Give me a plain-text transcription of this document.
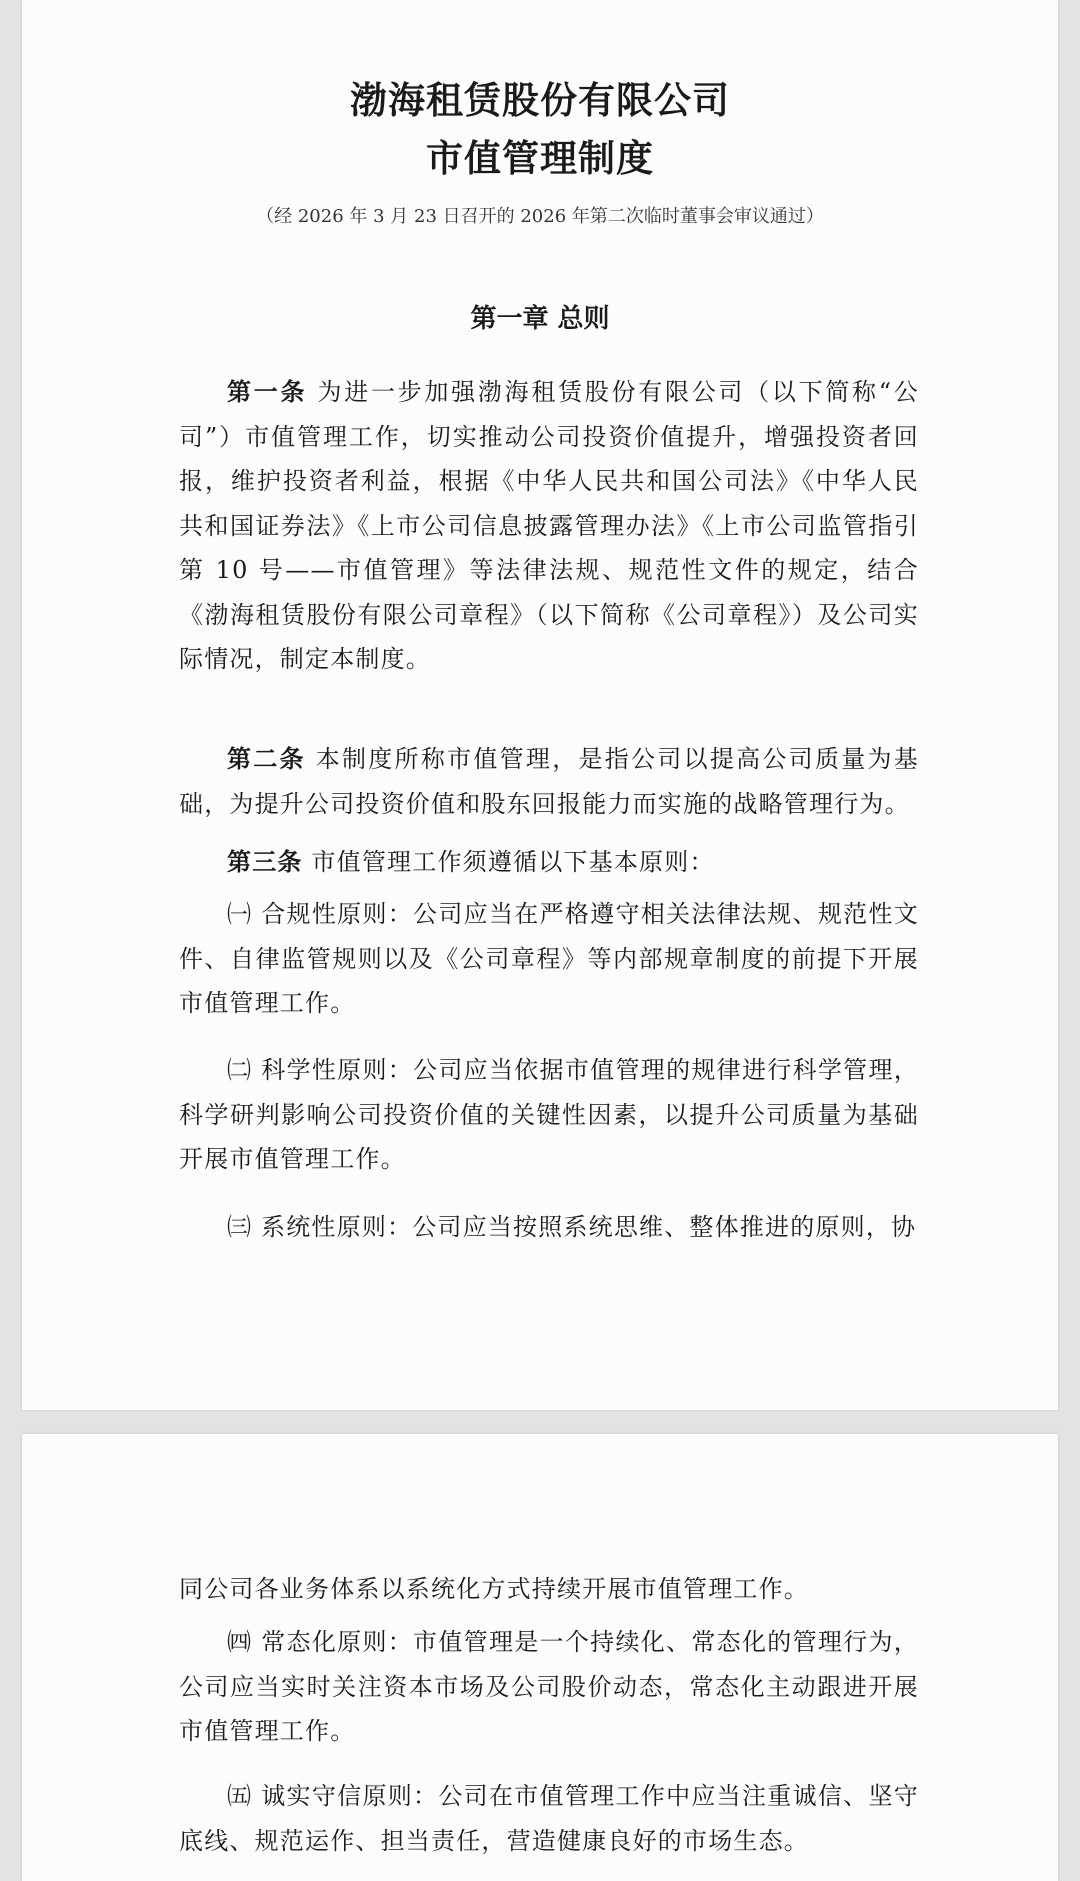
渤海租赁股份有限公司
市值管理制度
（经 2026 年 3 月 23 日召开的 2026 年第二次临时董事会审议通过）
第一章 总则

第一条 为进一步加强渤海租赁股份有限公司（以下简称“公司”）市值管理工作，切实推动公司投资价值提升，增强投资者回报，维护投资者利益，根据《中华人民共和国公司法》《中华人民共和国证券法》《上市公司信息披露管理办法》《上市公司监管指引第 10 号——市值管理》等法律法规、规范性文件的规定，结合《渤海租赁股份有限公司章程》（以下简称《公司章程》）及公司实际情况，制定本制度。

第二条 本制度所称市值管理，是指公司以提高公司质量为基础，为提升公司投资价值和股东回报能力而实施的战略管理行为。

第三条 市值管理工作须遵循以下基本原则：

㈠ 合规性原则：公司应当在严格遵守相关法律法规、规范性文件、自律监管规则以及《公司章程》等内部规章制度的前提下开展市值管理工作。

㈡ 科学性原则：公司应当依据市值管理的规律进行科学管理，科学研判影响公司投资价值的关键性因素，以提升公司质量为基础开展市值管理工作。

㈢ 系统性原则：公司应当按照系统思维、整体推进的原则，协

同公司各业务体系以系统化方式持续开展市值管理工作。

㈣ 常态化原则：市值管理是一个持续化、常态化的管理行为，公司应当实时关注资本市场及公司股价动态，常态化主动跟进开展市值管理工作。

㈤ 诚实守信原则：公司在市值管理工作中应当注重诚信、坚守底线、规范运作、担当责任，营造健康良好的市场生态。
